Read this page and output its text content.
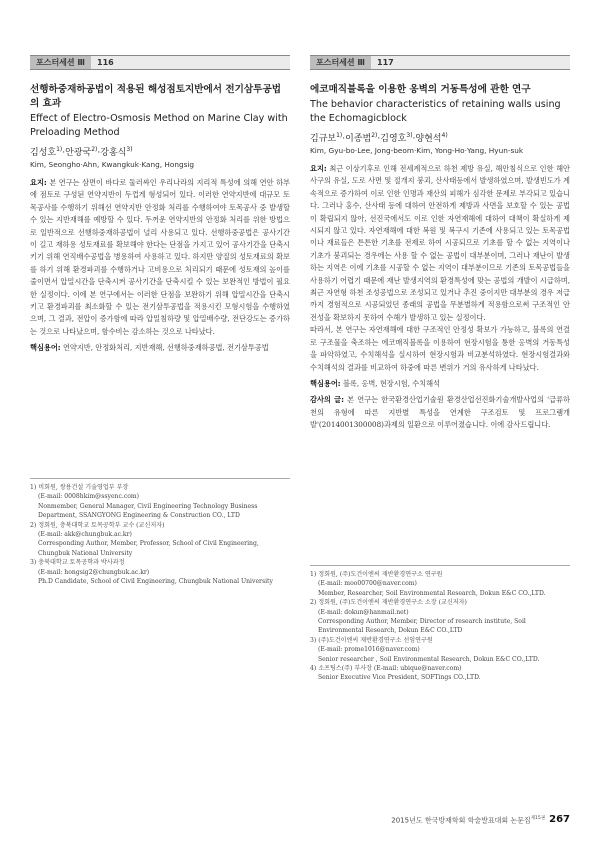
포스터세션 Ⅲ	116
선행하중재하공법이 적용된 해성점토지반에서 전기삼투공법의 효과
Effect of Electro-Osmosis Method on Marine Clay with Preloading Method
김성호$^{1)}$·안광국$^{2)}$·강홍식$^{3)}$
Kim, Seongho·Ahn, Kwangkuk·Kang, Hongsig
요지: 본 연구는 삼면이 바다로 둘러싸인 우리나라의 지리적 특성에 의해 연안 하부에 점토로 구성된 연약지반이 두껍게 형성되어 있다. 이러한 연약지반에 대규모 토목공사를 수행하기 위해선 연약지반 안정화 처리를 수행하여야 토목공사 중 발생할 수 있는 지반재해를 예방할 수 있다. 두꺼운 연약지반의 안정화 처리를 위한 방법으로 일반적으로 선행하중재하공법이 널리 사용되고 있다. 선행하중공법은 공사기간이 길고 재하용 성토재료를 확보해야 한다는 단점을 가지고 있어 공사기간을 단축시키기 위해 연직배수공법을 병용하여 사용하고 있다. 하지만 양질의 성토재료의 확보를 하기 위해 환경파괴를 수행하거나 고비용으로 처리되기 때문에 성토재의 높이를 줄이면서 압밀시간을 단축시켜 공사기간을 단축시킬 수 있는 보완적인 방법이 필요한 실정이다. 이에 본 연구에서는 이러한 단점을 보완하기 위해 압밀시간을 단축시키고 환경파괴를 최소화할 수 있는 전기삼투공법을 적용시킨 모형시험을 수행하였으며, 그 결과, 전압이 증가함에 따라 압밀침하량 및 압밀배수량, 전단강도는 증가하는 것으로 나타났으며, 함수비는 감소하는 것으로 나타났다.
핵심용어: 연약지반, 안정화처리, 지반재해, 선행하중재하공법, 전기삼투공법

1) 비회원, 쌍용건설 기술영업부 부장

(E-mail: 0008hkim@ssyenc.com)

Nonmember, General Manager, Civil Engineering Technology Business Department, SSANGYONG Engineering & Construction CO., LTD

2) 정회원, 충북대학교 토목공학부 교수 (교신저자)

(E-mail: akk@chungbuk.ac.kr)

Corresponding Author, Member, Professor, School of Civil Engineering, Chungbuk National University

3) 충북대학교 토목공학과 박사과정

(E-mail: hongsig2@chungbuk.ac.kr)

Ph.D Candidate, School of Civil Engineering, Chungbuk National University

포스터세션 Ⅲ	117
에코매직블록을 이용한 옹벽의 거동특성에 관한 연구
The behavior characteristics of retaining walls using the Echomagicblock
김규보$^{1)}$·이종범$^{2)}$·김영호$^{3)}$·양현석$^{4)}$
Kim, Gyu-bo·Lee, Jong-beom·Kim, Yong-Ho·Yang, Hyun-suk
요지: 최근 이상기후로 인해 전세계적으로 하천 제방 유실, 해안침식으로 인한 해안 사구의 유실, 도로 사면 및 절개지 붕괴, 산사태등에서 발생하였으며, 발생빈도가 계속적으로 증가하여 이로 인한 인명과 재산의 피해가 심각한 문제로 부각되고 있습니다. 그러나 홍수, 산사태 등에 대하여 안전하게 제방과 사면을 보호할 수 있는 공법이 확립되지 않아, 선진국에서도 이로 인한 자연재해에 대하여 대책이 확실하게 제시되지 않고 있다. 자연재해에 대한 복원 및 복구시 기존에 사용되고 있는 토목공법이나 재료들은 튼튼한 기초를 전제로 하여 시공되므로 기초를 할 수 없는 지역이나 기초가 붕괴되는 경우에는 사용 할 수 없는 공법이 대부분이며, 그러나 재난이 발생하는 지역은 이에 기초를 시공할 수 없는 지역이 대부분이므로 기존의 토목공법들을 사용하기 어렵기 때문에 재난 발생지역의 환경특성에 맞는 공법의 개발이 시급하며, 최근 자연형 하천 조성공법으로 조성되고 있거나 추진 중이지만 대부분의 경우 저급까지 경험적으로 시공되었던 종래의 공법을 무분별하게 적용함으로써 구조적인 안전성을 확보하지 못하여 수해가 발생하고 있는 실정이다.
따라서, 본 연구는 자연재해에 대한 구조적인 안정성 확보가 가능하고, 블록의 연결로 구조물을 축조하는 에코매직블록을 이용하여 현장시험을 통한 옹벽의 거동특성을 파악하였고, 수치해석을 실시하여 현장시험과 비교분석하였다. 현장시험결과와 수치해석의 결과를 비교하여 하중에 따른 변위가 거의 유사하게 나타났다.
핵심용어: 블록, 옹벽, 현장시험, 수치해석
감사의 글: 본 연구는 한국환경산업기술원 환경산업선진화기술개발사업의 '급류하천의 유형에 따른 지반별 특성을 연계한 구조검토 및 프로그램개발'(2014001300008)과제의 일환으로 이루어졌습니다. 이에 감사드립니다.

1) 정회원, (주)도건이엔씨 재반환경연구소 연구원

(E-mail: moo00700@naver.com)

Member, Researcher, Soil Environmental Research, Dokun E&C CO.,LTD.

2) 정회원, (주)도건이엔씨 재반환경연구소 소장 (교신저자)

(E-mail: dokun@hanmail.net)

Corresponding Author, Member, Director of research institute, Soil Environmental Research, Dokun E&C CO.,LTD

3) (주)도건이엔씨 재반환경연구소 선임연구원

(E-mail: prome1016@naver.com)

Senior researcher , Soil Environmental Research, Dokun E&C CO.,LTD.

4) 소프팅스(주) 부사장 (E-mail: ubique@naver.com)

Senior Executive Vice President, SOFTings CO.,LTD.

2015년도 한국방재학회 학술발표대회 논문집$^{제15권}$ 267
